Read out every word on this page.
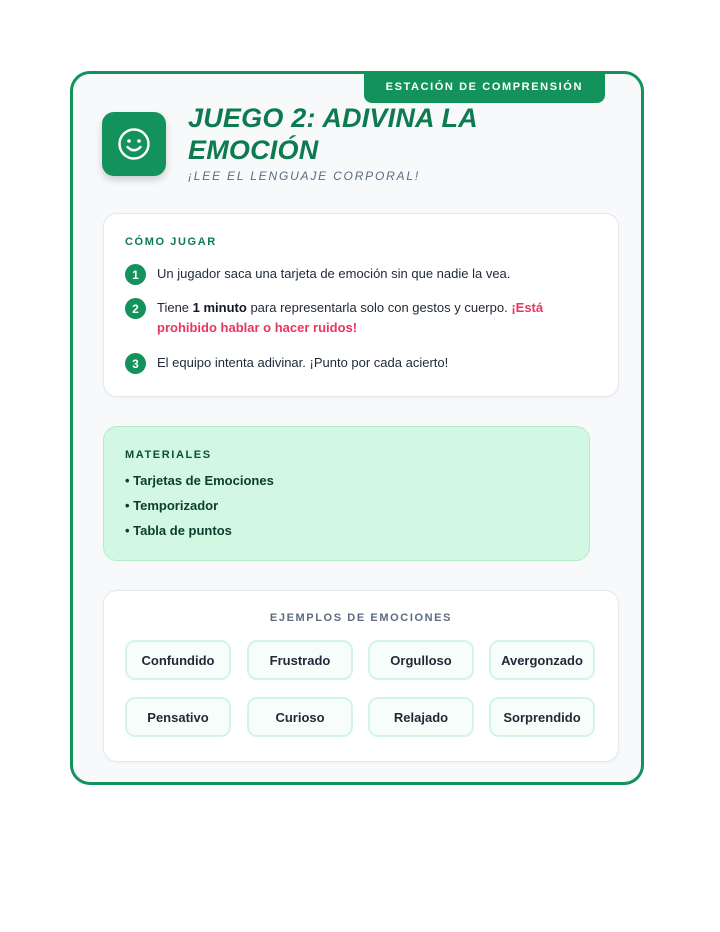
ESTACIÓN DE COMPRENSIÓN
JUEGO 2: ADIVINA LA EMOCIÓN
¡LEE EL LENGUAJE CORPORAL!
CÓMO JUGAR
1	Un jugador saca una tarjeta de emoción sin que nadie la vea.
2	Tiene 1 minuto para representarla solo con gestos y cuerpo. ¡Está prohibido hablar o hacer ruidos!
3	El equipo intenta adivinar. ¡Punto por cada acierto!
MATERIALES
• Tarjetas de Emociones
• Temporizador
• Tabla de puntos
EJEMPLOS DE EMOCIONES
Confundido	Frustrado	Orgulloso	Avergonzado
Pensativo	Curioso	Relajado	Sorprendido
